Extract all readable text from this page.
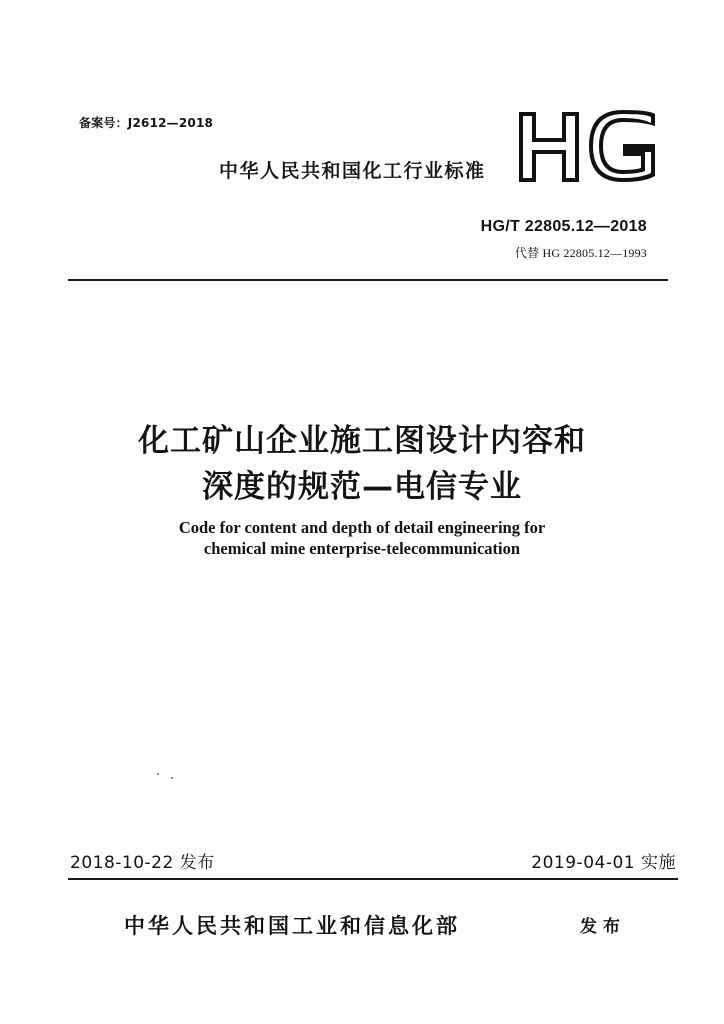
备案号：J2612—2018
中华人民共和国化工行业标准
HG/T 22805.12—2018
代替 HG 22805.12—1993
化工矿山企业施工图设计内容和
深度的规范—电信专业
Code for content and depth of detail engineering for
chemical mine enterprise-telecommunication
2018-10-22 发布	2019-04-01 实施
中华人民共和国工业和信息化部	发布
